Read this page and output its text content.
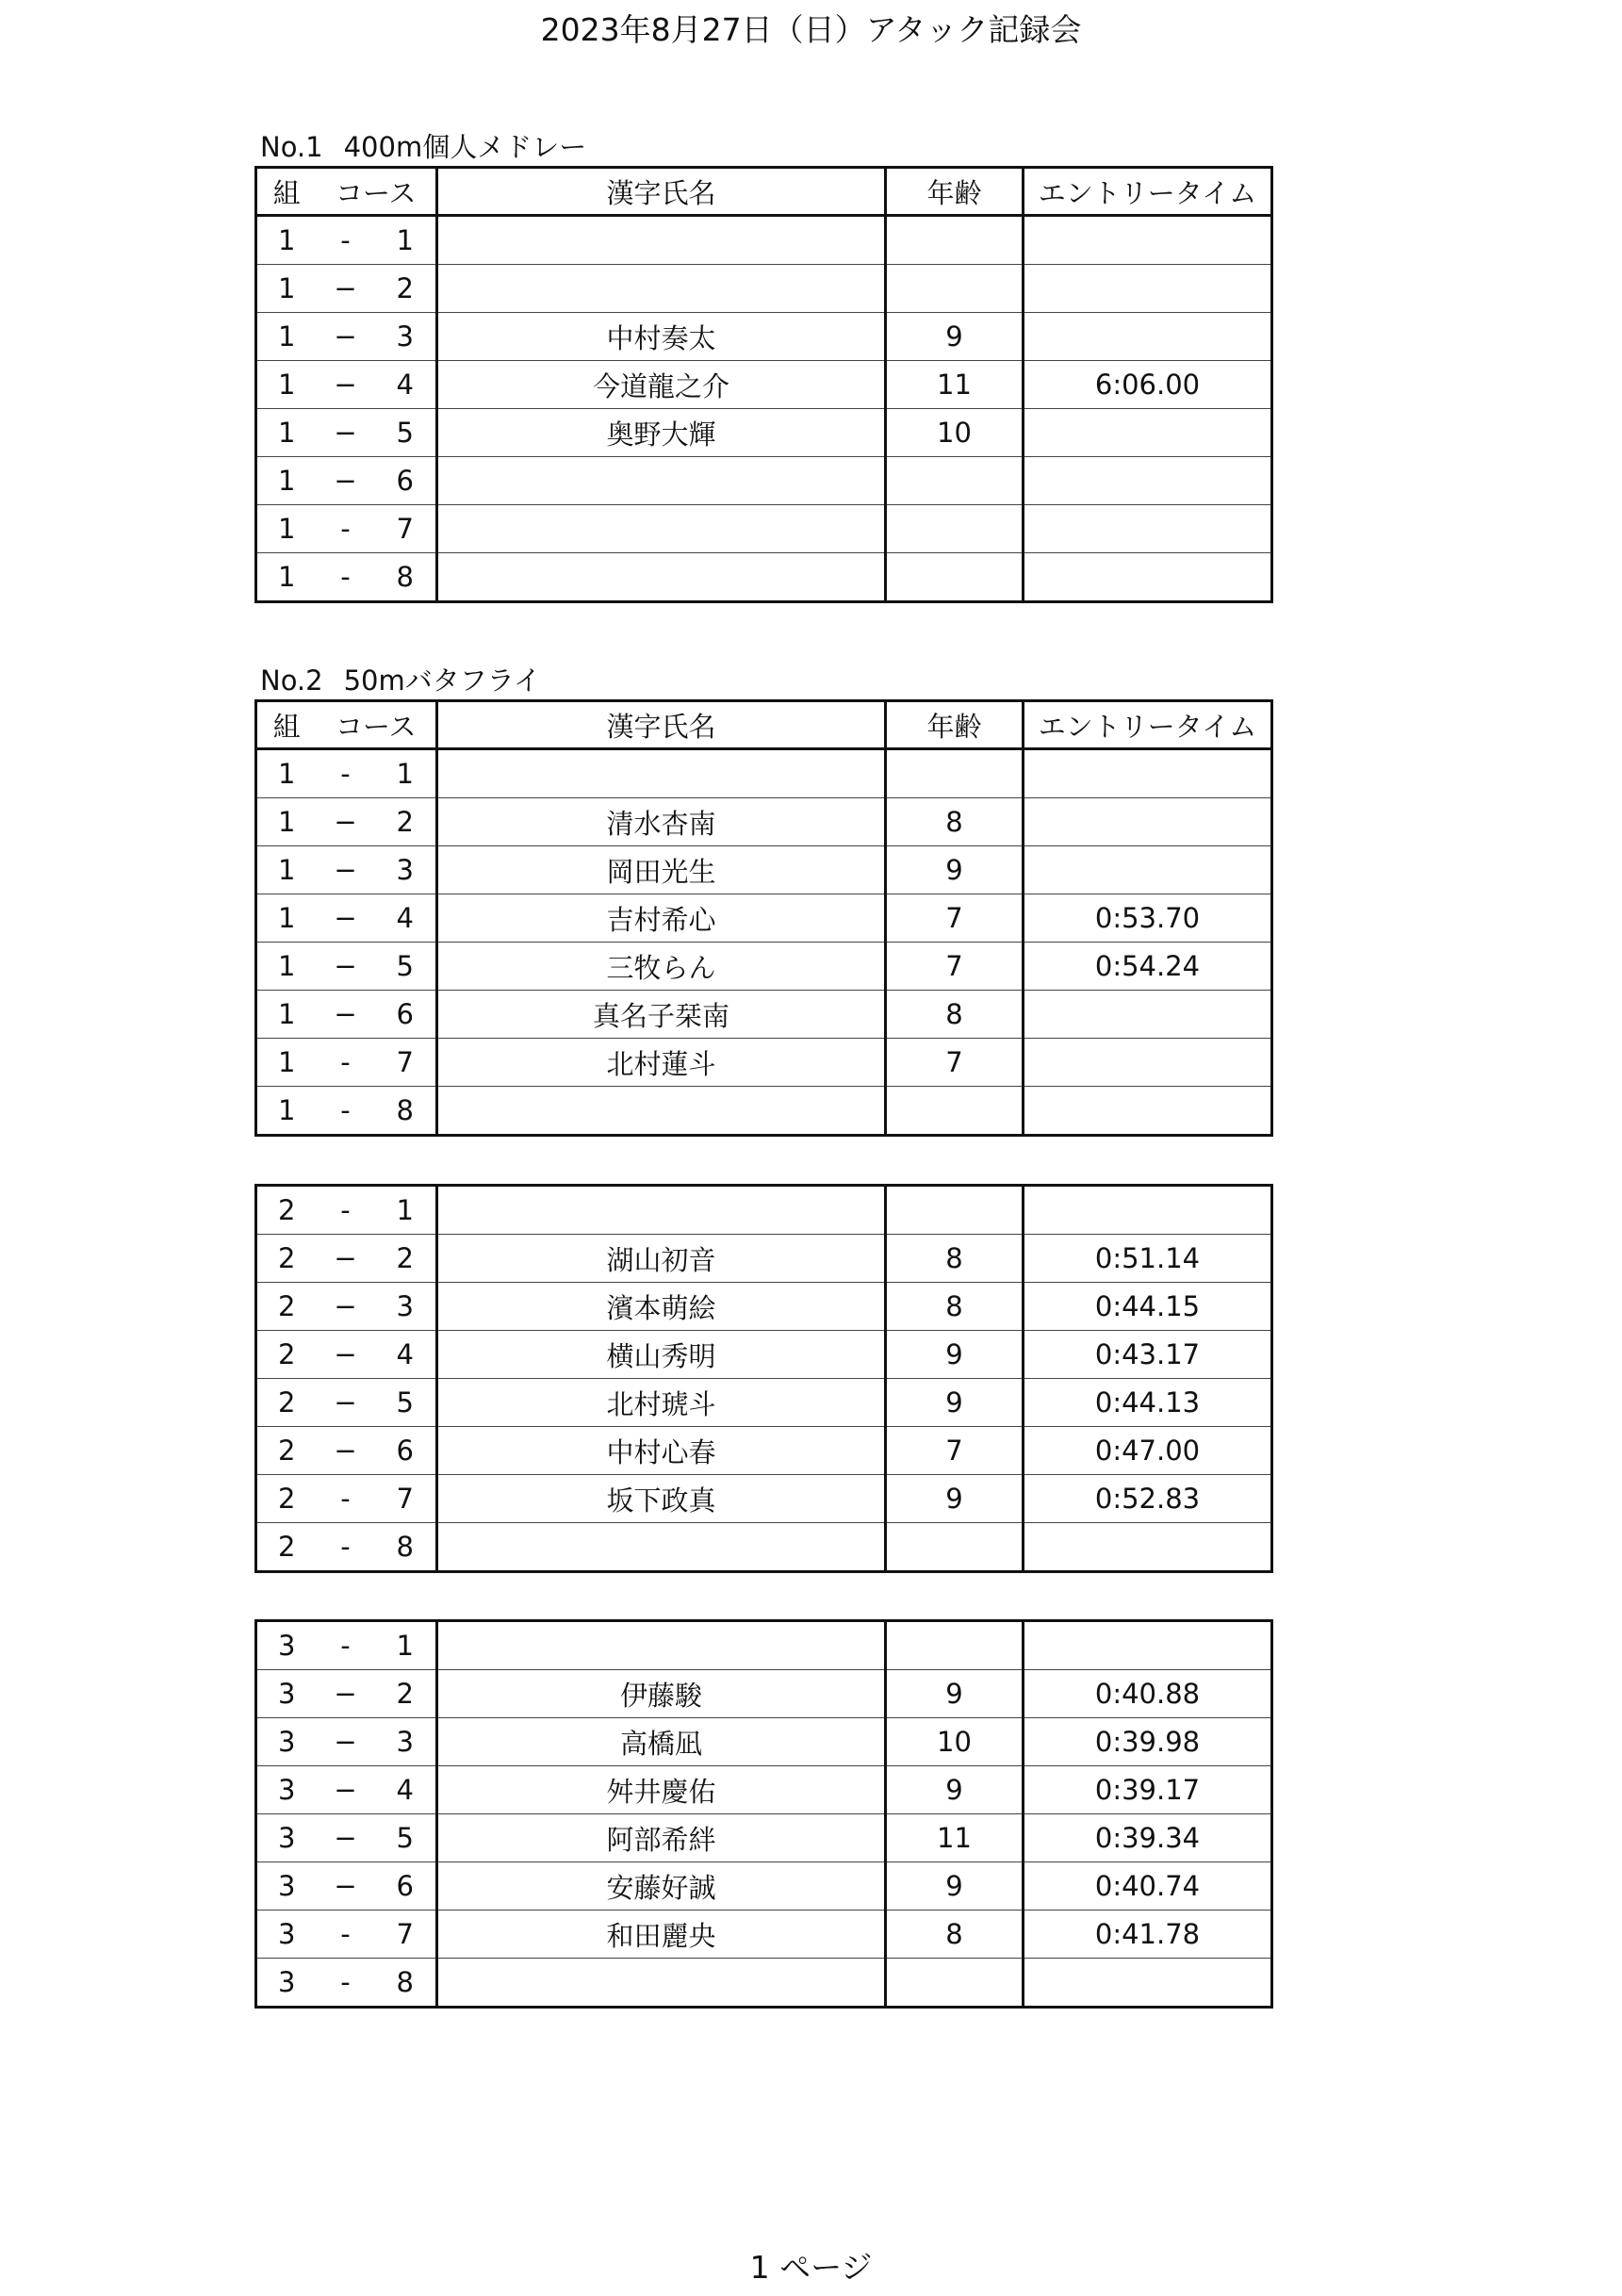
2023年8月27日（日）アタック記録会
No.1 400m個人メドレー
組	コース		漢字氏名	年齢	エントリータイム
1	-	1			
1	−	2			
1	−	3	中村奏太	9	
1	−	4	今道龍之介	11	6:06.00
1	−	5	奥野大輝	10	
1	−	6			
1	-	7			
1	-	8			
No.2 50mバタフライ
組	コース		漢字氏名	年齢	エントリータイム
1	-	1			
1	−	2	清水杏南	8	
1	−	3	岡田光生	9	
1	−	4	吉村希心	7	0:53.70
1	−	5	三牧らん	7	0:54.24
1	−	6	真名子栞南	8	
1	-	7	北村蓮斗	7	
1	-	8			
2	-	1			
2	−	2	湖山初音	8	0:51.14
2	−	3	濱本萌絵	8	0:44.15
2	−	4	横山秀明	9	0:43.17
2	−	5	北村琥斗	9	0:44.13
2	−	6	中村心春	7	0:47.00
2	-	7	坂下政真	9	0:52.83
2	-	8			
3	-	1			
3	−	2	伊藤駿	9	0:40.88
3	−	3	高橋凪	10	0:39.98
3	−	4	舛井慶佑	9	0:39.17
3	−	5	阿部希絆	11	0:39.34
3	−	6	安藤好誠	9	0:40.74
3	-	7	和田麗央	8	0:41.78
3	-	8			
1 ページ
